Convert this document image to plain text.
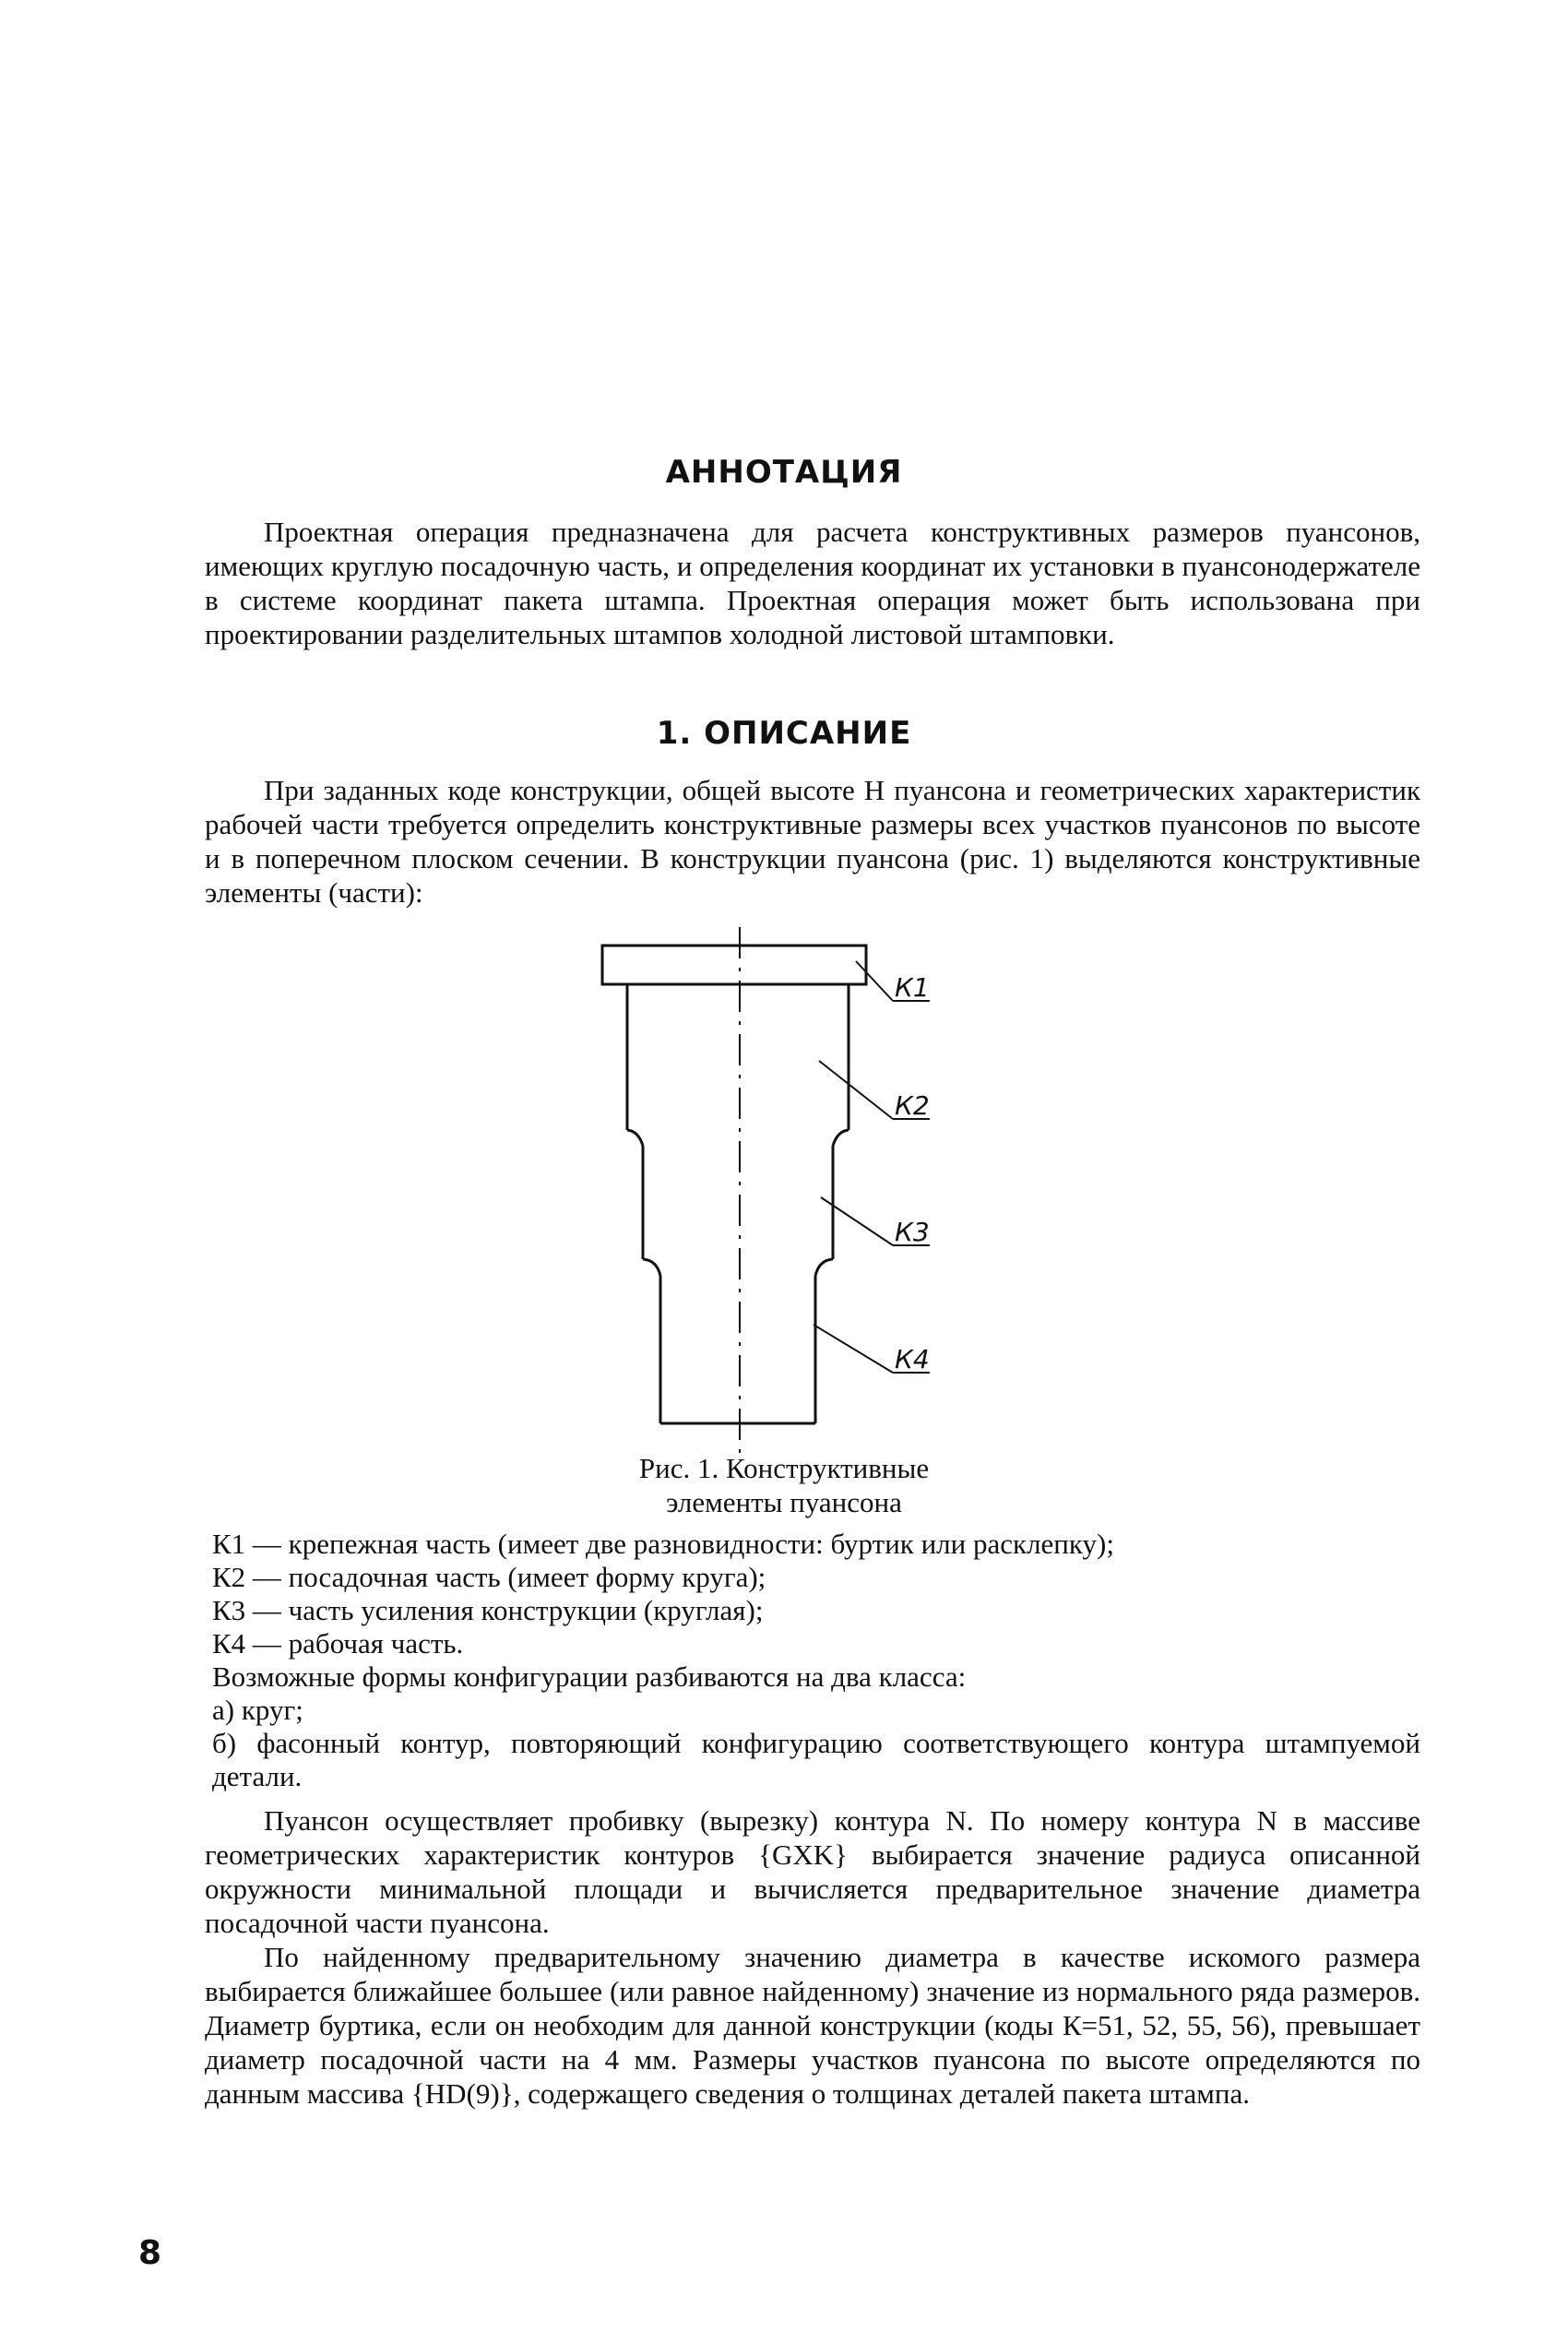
АННОТАЦИЯ

Проектная операция предназначена для расчета конструктивных размеров пуансонов, имеющих круглую посадочную часть, и определения координат их установки в пуансонодержателе в системе координат пакета штампа. Проектная операция может быть использована при проектировании разделительных штампов холодной листовой штамповки.

1. ОПИСАНИЕ

При заданных коде конструкции, общей высоте H пуансона и геометрических характеристик рабочей части требуется определить конструктивные размеры всех участков пуансонов по высоте и в поперечном плоском сечении. В конструкции пуансона (рис. 1) выделяются конструктивные элементы (части):

К1
К2
К3
К4
Рис. 1. Конструктивные
элементы пуансона

К1 — крепежная часть (имеет две разновидности: буртик или расклепку);

К2 — посадочная часть (имеет форму круга);

К3 — часть усиления конструкции (круглая);

К4 — рабочая часть.

Возможные формы конфигурации разбиваются на два класса:

а) круг;

б) фасонный контур, повторяющий конфигурацию соответствующего контура штампуемой детали.

Пуансон осуществляет пробивку (вырезку) контура N. По номеру контура N в массиве геометрических характеристик контуров {GXK} выбирается значение радиуса описанной окружности минимальной площади и вычисляется предварительное значение диаметра посадочной части пуансона.

По найденному предварительному значению диаметра в качестве искомого размера выбирается ближайшее большее (или равное найденному) значение из нормального ряда размеров. Диаметр буртика, если он необходим для данной конструкции (коды К=51, 52, 55, 56), превышает диаметр посадочной части на 4 мм. Размеры участков пуансона по высоте определяются по данным массива {HD(9)}, содержащего сведения о толщинах деталей пакета штампа.

8
